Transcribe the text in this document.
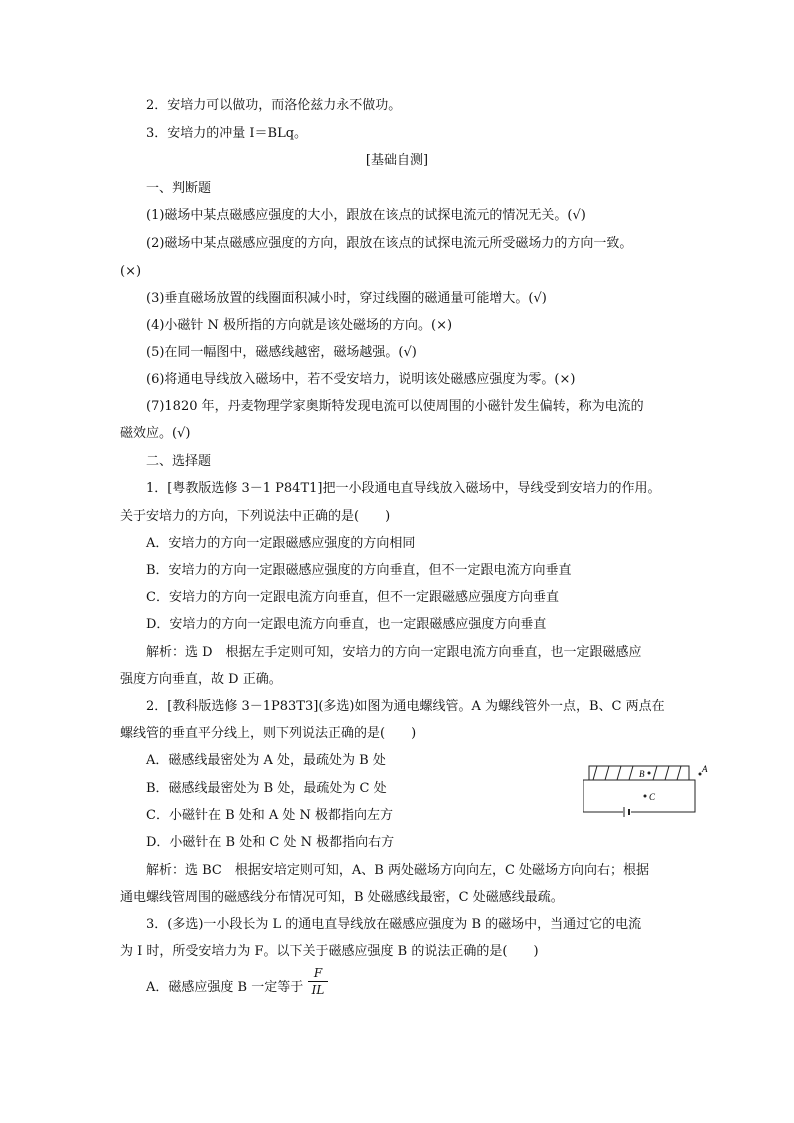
2．安培力可以做功，而洛伦兹力永不做功。
3．安培力的冲量 I＝BLq。
[基础自测]
一、判断题
(1)磁场中某点磁感应强度的大小，跟放在该点的试探电流元的情况无关。(√)
(2)磁场中某点磁感应强度的方向，跟放在该点的试探电流元所受磁场力的方向一致。
(×)
(3)垂直磁场放置的线圈面积减小时，穿过线圈的磁通量可能增大。(√)
(4)小磁针 N 极所指的方向就是该处磁场的方向。(×)
(5)在同一幅图中，磁感线越密，磁场越强。(√)
(6)将通电导线放入磁场中，若不受安培力，说明该处磁感应强度为零。(×)
(7)1820 年，丹麦物理学家奥斯特发现电流可以使周围的小磁针发生偏转，称为电流的
磁效应。(√)
二、选择题
1．[粤教版选修 3－1 P84T1]把一小段通电直导线放入磁场中，导线受到安培力的作用。
关于安培力的方向，下列说法中正确的是(　　)
A．安培力的方向一定跟磁感应强度的方向相同
B．安培力的方向一定跟磁感应强度的方向垂直，但不一定跟电流方向垂直
C．安培力的方向一定跟电流方向垂直，但不一定跟磁感应强度方向垂直
D．安培力的方向一定跟电流方向垂直，也一定跟磁感应强度方向垂直
解析：选 D　根据左手定则可知，安培力的方向一定跟电流方向垂直，也一定跟磁感应
强度方向垂直，故 D 正确。
2．[教科版选修 3－1P83T3](多选)如图为通电螺线管。A 为螺线管外一点，B、C 两点在
螺线管的垂直平分线上，则下列说法正确的是(　　)
A．磁感线最密处为 A 处，最疏处为 B 处
B．磁感线最密处为 B 处，最疏处为 C 处
C．小磁针在 B 处和 A 处 N 极都指向左方
D．小磁针在 B 处和 C 处 N 极都指向右方
B	A
C
解析：选 BC　根据安培定则可知，A、B 两处磁场方向向左，C 处磁场方向向右；根据
通电螺线管周围的磁感线分布情况可知，B 处磁感线最密，C 处磁感线最疏。
3．(多选)一小段长为 L 的通电直导线放在磁感应强度为 B 的磁场中，当通过它的电流
为 I 时，所受安培力为 F。以下关于磁感应强度 B 的说法正确的是(　　)
A．磁感应强度 B 一定等于
F
IL
